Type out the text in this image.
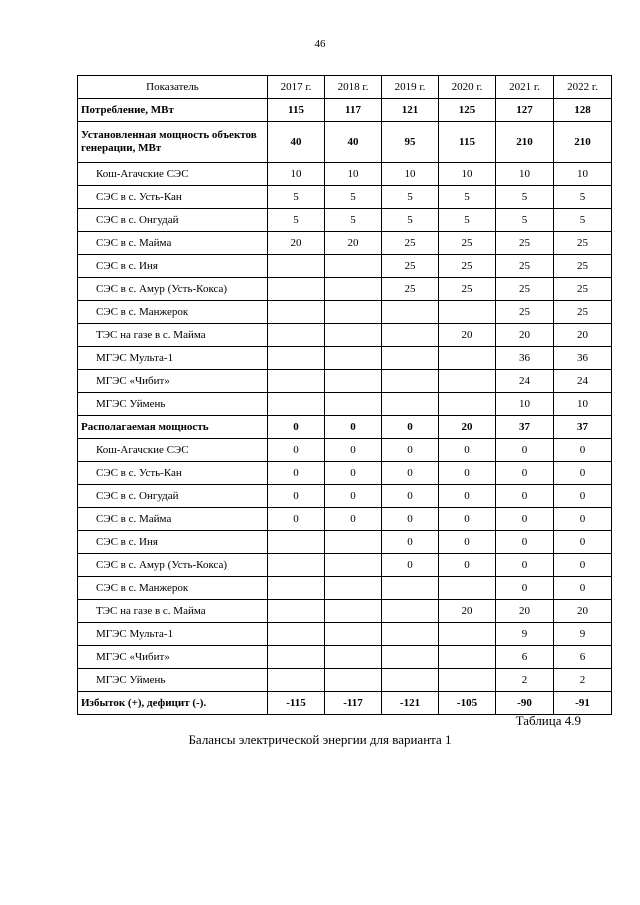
46
Показатель	2017 г.	2018 г.	2019 г.	2020 г.	2021 г.	2022 г.
Потребление, МВт	115	117	121	125	127	128
Установленная мощность объектов генерации, МВт	40	40	95	115	210	210
Кош-Агачские СЭС	10	10	10	10	10	10
СЭС в с. Усть-Кан	5	5	5	5	5	5
СЭС в с. Онгудай	5	5	5	5	5	5
СЭС в с. Майма	20	20	25	25	25	25
СЭС в с. Иня			25	25	25	25
СЭС в с. Амур (Усть-Кокса)			25	25	25	25
СЭС в с. Манжерок					25	25
ТЭС на газе в с. Майма				20	20	20
МГЭС Мульта-1					36	36
МГЭС «Чибит»					24	24
МГЭС Уймень					10	10
Располагаемая мощность	0	0	0	20	37	37
Кош-Агачские СЭС	0	0	0	0	0	0
СЭС в с. Усть-Кан	0	0	0	0	0	0
СЭС в с. Онгудай	0	0	0	0	0	0
СЭС в с. Майма	0	0	0	0	0	0
СЭС в с. Иня			0	0	0	0
СЭС в с. Амур (Усть-Кокса)			0	0	0	0
СЭС в с. Манжерок					0	0
ТЭС на газе в с. Майма				20	20	20
МГЭС Мульта-1					9	9
МГЭС «Чибит»					6	6
МГЭС Уймень					2	2
Избыток (+), дефицит (-).	-115	-117	-121	-105	-90	-91
Таблица 4.9
Балансы электрической энергии для варианта 1
